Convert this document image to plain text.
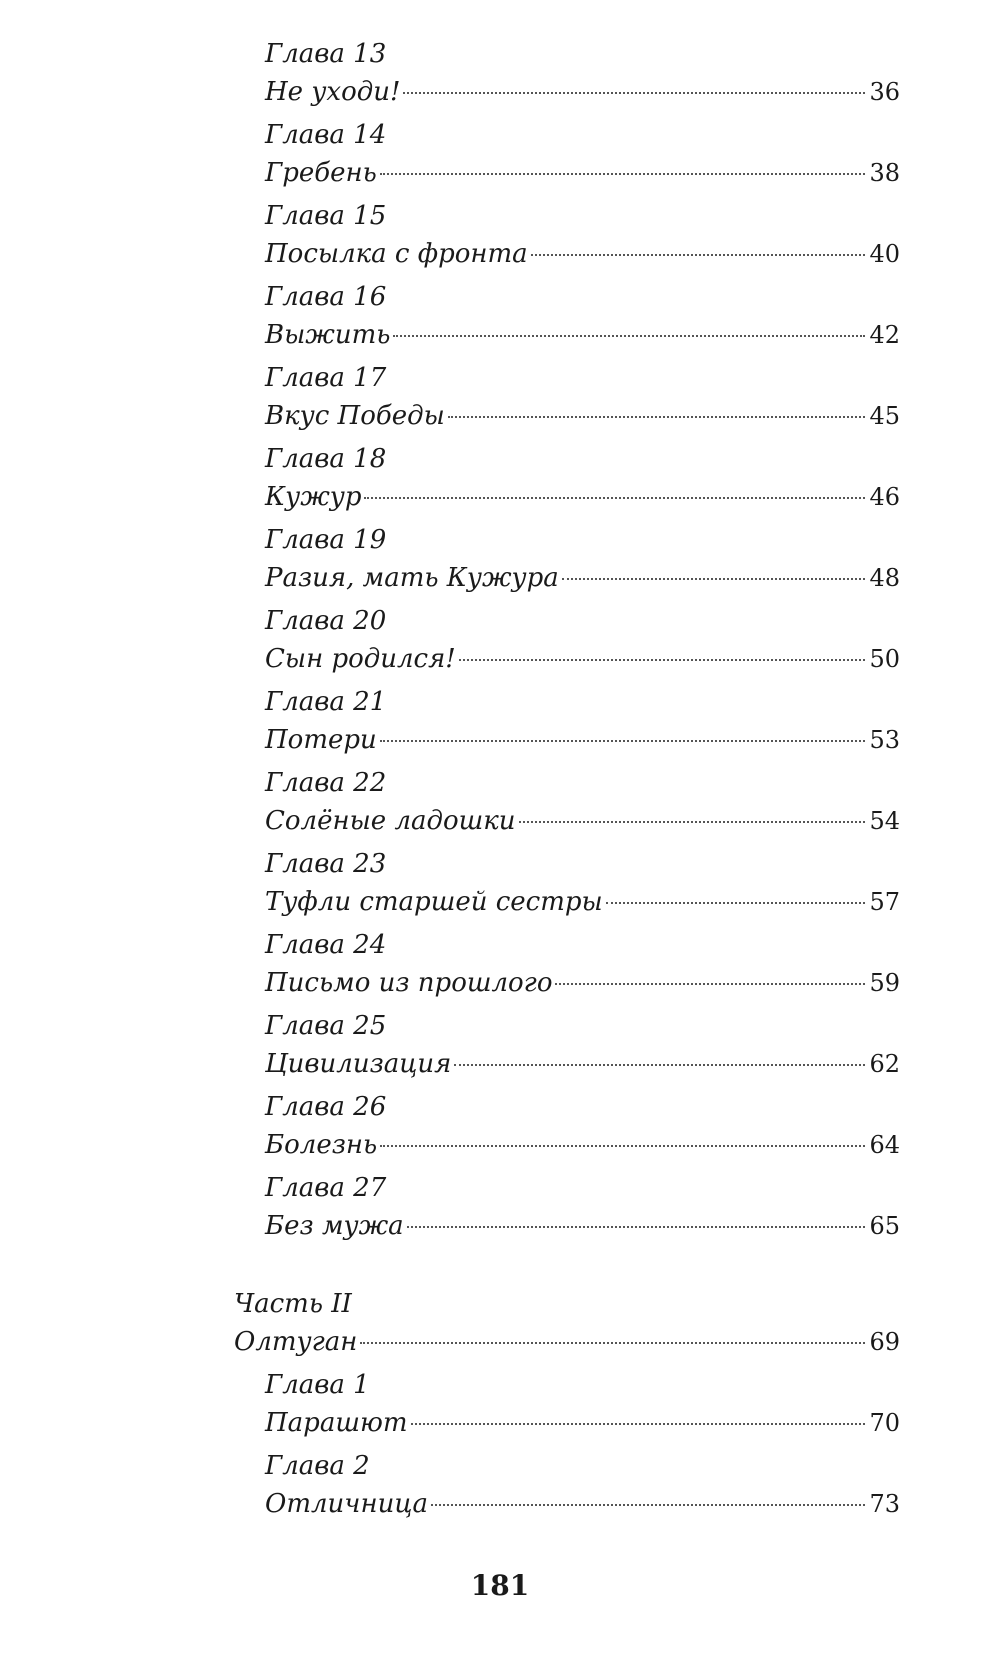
Глава 13
Не уходи!	36
Глава 14
Гребень	38
Глава 15
Посылка с фронта	40
Глава 16
Выжить	42
Глава 17
Вкус Победы	45
Глава 18
Кужур	46
Глава 19
Разия, мать Кужура	48
Глава 20
Сын родился!	50
Глава 21
Потери	53
Глава 22
Солёные ладошки	54
Глава 23
Туфли старшей сестры	57
Глава 24
Письмо из прошлого	59
Глава 25
Цивилизация	62
Глава 26
Болезнь	64
Глава 27
Без мужа	65
Часть II
Олтуган	69
Глава 1
Парашют	70
Глава 2
Отличница	73
181
